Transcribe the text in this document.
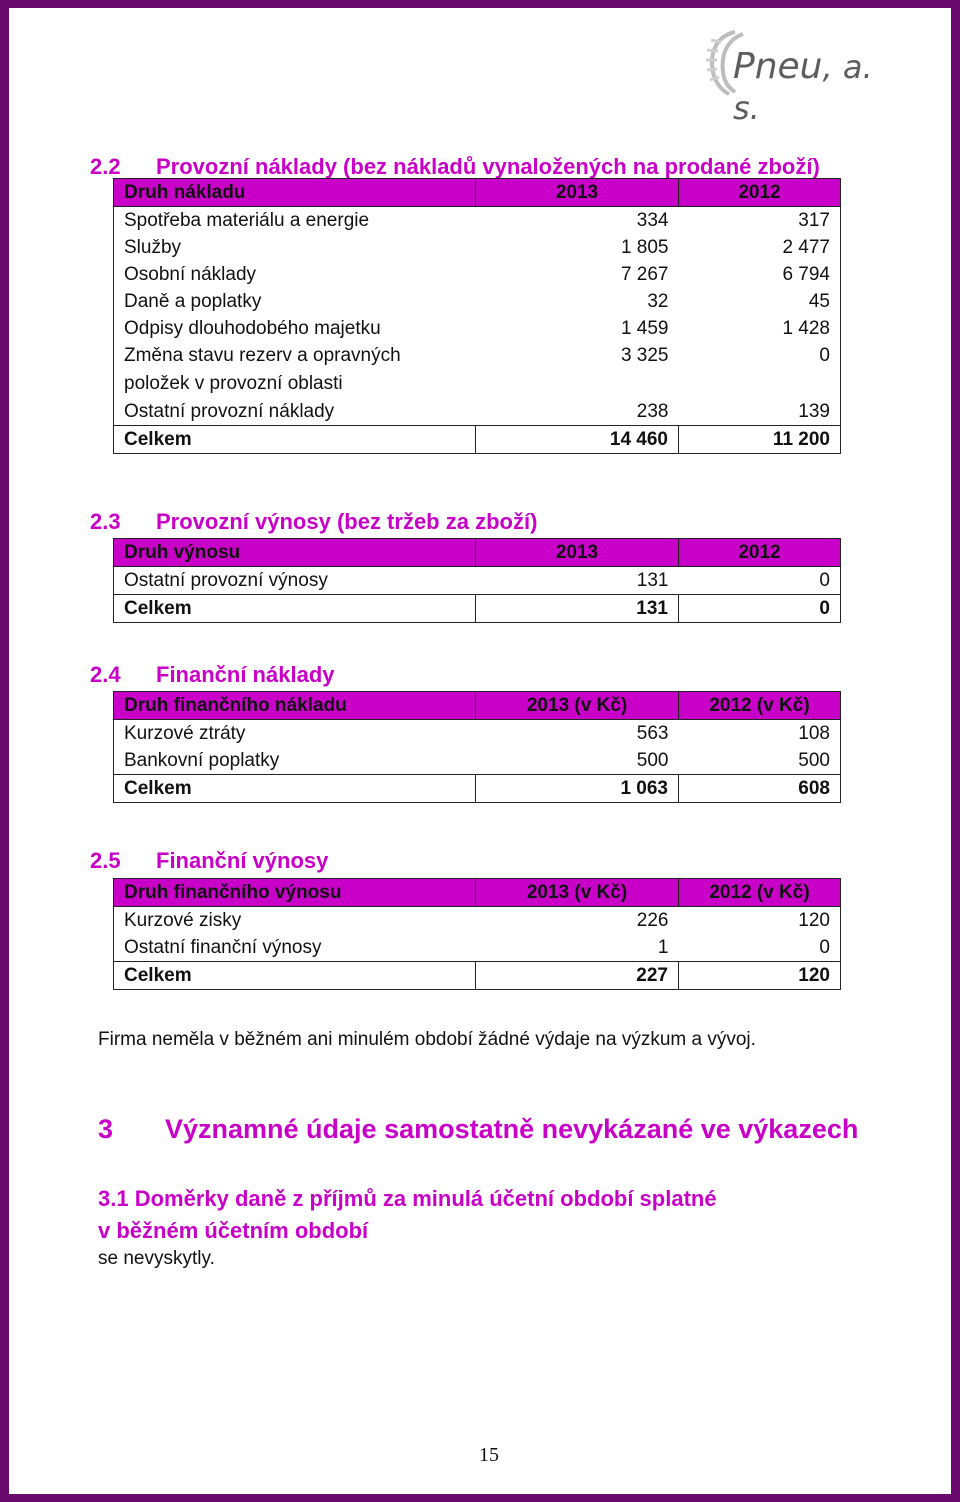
Pneu, a. s.
2.2 Provozní náklady (bez nákladů vynaložených na prodané zboží)
Druh nákladu	2013	2012
Spotřeba materiálu a energie	334	317
Služby	1 805	2 477
Osobní náklady	7 267	6 794
Daně a poplatky	32	45
Odpisy dlouhodobého majetku	1 459	1 428
Změna stavu rezerv a opravných položek v provozní oblasti	3 325	0
Ostatní provozní náklady	238	139
Celkem	14 460	11 200
2.3 Provozní výnosy (bez tržeb za zboží)
Druh výnosu	2013	2012
Ostatní provozní výnosy	131	0
Celkem	131	0
2.4 Finanční náklady
Druh finančního nákladu	2013 (v Kč)	2012 (v Kč)
Kurzové ztráty	563	108
Bankovní poplatky	500	500
Celkem	1 063	608
2.5 Finanční výnosy
Druh finančního výnosu	2013 (v Kč)	2012 (v Kč)
Kurzové zisky	226	120
Ostatní finanční výnosy	1	0
Celkem	227	120
Firma neměla v běžném ani minulém období žádné výdaje na výzkum a vývoj.
3 Významné údaje samostatně nevykázané ve výkazech
3.1 Doměrky daně z příjmů za minulá účetní období splatné
v běžném účetním období
se nevyskytly.
15
